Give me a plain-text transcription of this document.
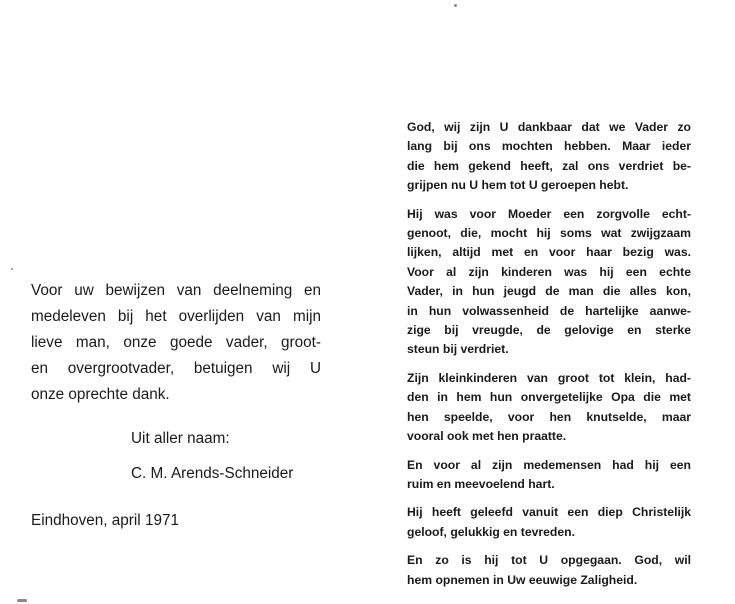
Voor uw bewijzen van deelneming en
medeleven bij het overlijden van mijn
lieve man, onze goede vader, groot-
en overgrootvader, betuigen wij U
onze oprechte dank.
Uit aller naam:
C. M. Arends-Schneider
Eindhoven, april 1971
God, wij zijn U dankbaar dat we Vader zo
lang bij ons mochten hebben. Maar ieder
die hem gekend heeft, zal ons verdriet be-
grijpen nu U hem tot U geroepen hebt.
Hij was voor Moeder een zorgvolle echt-
genoot, die, mocht hij soms wat zwijgzaam
lijken, altijd met en voor haar bezig was.
Voor al zijn kinderen was hij een echte
Vader, in hun jeugd de man die alles kon,
in hun volwassenheid de hartelijke aanwe-
zige bij vreugde, de gelovige en sterke
steun bij verdriet.
Zijn kleinkinderen van groot tot klein, had-
den in hem hun onvergetelijke Opa die met
hen speelde, voor hen knutselde, maar
vooral ook met hen praatte.
En voor al zijn medemensen had hij een
ruim en meevoelend hart.
Hij heeft geleefd vanuit een diep Christelijk
geloof, gelukkig en tevreden.
En zo is hij tot U opgegaan. God, wil
hem opnemen in Uw eeuwige Zaligheid.
